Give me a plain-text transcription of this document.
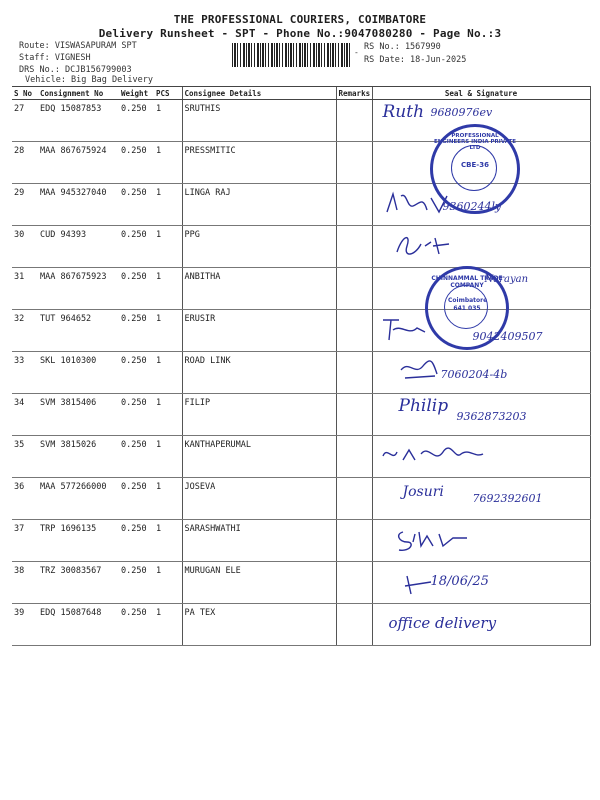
THE PROFESSIONAL COURIERS, COIMBATORE
Delivery Runsheet - SPT - Phone No.:9047080280 - Page No.:3
Route: VISWASAPURAM SPT
Staff: VIGNESH
DRS No.: DCJB156799003
Vehicle: Big Bag Delivery
RS No.: 1567990
RS Date: 18-Jun-2025
-
S No	Consignment No	Weight	PCS	Consignee Details	Remarks	Seal & Signature
27	EDQ 15087853	0.250	1	SRUTHIS		Ruth 9680976ev

28	MAA 867675924	0.250	1	PRESSMITIC		
29	MAA 945327040	0.250	1	LINGA RAJ		9360244ly

30	CUD 94393	0.250	1	PPG		

31	MAA 867675923	0.250	1	ANBITHA		Narayan

32	TUT 964652	0.250	1	ERUSIR		9042409507

33	SKL 1010300	0.250	1	ROAD LINK		7060204-4b

34	SVM 3815406	0.250	1	FILIP		Philip
9362873203

35	SVM 3815026	0.250	1	KANTHAPERUMAL		

36	MAA 577266000	0.250	1	JOSEVA		Josuri 7692392601

37	TRP 1696135	0.250	1	SARASHWATHI		

38	TRZ 30083567	0.250	1	MURUGAN ELE		18/06/25

39	EDQ 15087648	0.250	1	PA TEX		office delivery
PROFESSIONAL ENGINEERS INDIA PRIVATE LTD
CBE-36
CHINNAMMAL TRADE COMPANY
Coimbatore 641 035
